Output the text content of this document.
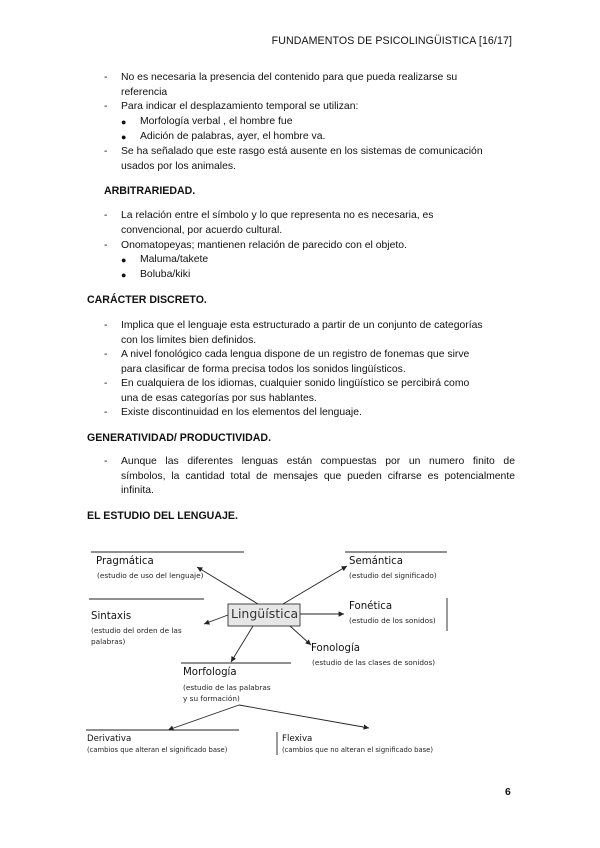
FUNDAMENTOS DE PSICOLINGÜISTICA [16/17]
- No es necesaria la presencia del contenido para que pueda realizarse su
referencia
- Para indicar el desplazamiento temporal se utilizan:
● Morfología verbal , el hombre fue
● Adición de palabras, ayer, el hombre va.
- Se ha señalado que este rasgo está ausente en los sistemas de comunicación
usados por los animales.
ARBITRARIEDAD.
- La relación entre el símbolo y lo que representa no es necesaria, es
convencional, por acuerdo cultural.
- Onomatopeyas; mantienen relación de parecido con el objeto.
● Maluma/takete
● Boluba/kiki
CARÁCTER DISCRETO.
- Implica que el lenguaje esta estructurado a partir de un conjunto de categorías
con los limites bien definidos.
- A nivel fonológico cada lengua dispone de un registro de fonemas que sirve
para clasificar de forma precisa todos los sonidos lingüísticos.
- En cualquiera de los idiomas, cualquier sonido lingüístico se percibirá como
una de esas categorías por sus hablantes.
- Existe discontinuidad en los elementos del lenguaje.
GENERATIVIDAD/ PRODUCTIVIDAD.
- Aunque las diferentes lenguas están compuestas por un numero finito de
símbolos, la cantidad total de mensajes que pueden cifrarse es potencialmente
infinita.
EL ESTUDIO DEL LENGUAJE.
Pragmática
(estudio de uso del lenguaje)
Semántica
(estudio del significado)
Sintaxis
(estudio del orden de las
palabras)
Lingüística	Fonética
(estudio de los sonidos)
Fonología
(estudio de las clases de sonidos)
Morfología
(estudio de las palabras
y su formación)
Derivativa
(cambios que alteran el significado base)
Flexiva
(cambios que no alteran el significado base)
6
